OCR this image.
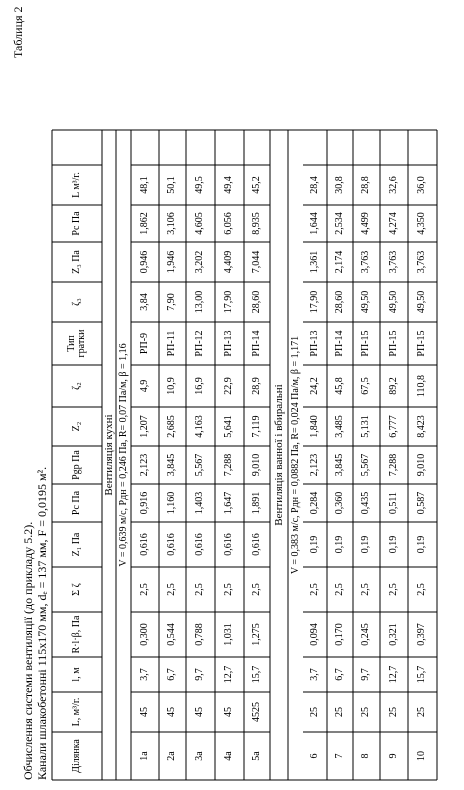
Таблиця 2
Обчислення системи вентиляції (до прикладу 5.2). Канали шлакобетонні 115х170 мм, dₑ = 137 мм, F = 0,0195 м².	Ділянка
L, м³/г.
l, м
R·l·β, Па
Σ ζ
Z₁ Па
Pc Па
Pgp Па
Z₂
ζ₂
Тип гратки
ζ₃
Z₃ Па
Pc Па
L м³/г.
Вентиляція кухні V = 0,639 м/с, Pдн = 0,246 Па, R= 0,07 Па/м, β = 1,16	Вентиляція ванної і вбиральні V = 0,383 м/с, Pдн = 0,0882 Па, R= 0,024 Па/м, β = 1,171
1а
45
3,7
0,300
2,5
0,616
0,916
2,123
1,207
4,9
РП-9
3,84
0,946
1,862
48,1
2а
45
6,7
0,544
2,5
0,616
1,160
3,845
2,685
10,9
РП-11
7,90
1,946
3,106
50,1
3а
45
9,7
0,788
2,5
0,616
1,403
5,567
4,163
16,9
РП-12
13,00
3,202
4,605
49,5
4а
45
12,7
1,031
2,5
0,616
1,647
7,288
5,641
22,9
РП-13
17,90
4,409
6,056
49,4
5а
4525
15,7
1,275
2,5
0,616
1,891
9,010
7,119
28,9
РП-14
28,60
7,044
8,935
45,2
6
25
3,7
0,094
2,5
0,19
0,284
2,123
1,840
24,2
РП-13
17,90
1,361
1,644
28,4
7
25
6,7
0,170
2,5
0,19
0,360
3,845
3,485
45,8
РП-14
28,60
2,174
2,534
30,8
8
25
9,7
0,245
2,5
0,19
0,435
5,567
5,131
67,5
РП-15
49,50
3,763
4,499
28,8
9
25
12,7
0,321
2,5
0,19
0,511
7,288
6,777
89,2
РП-15
49,50
3,763
4,274
32,6
10
25
15,7
0,397
2,5
0,19
0,587
9,010
8,423
110,8
РП-15
49,50
3,763
4,350
36,0
